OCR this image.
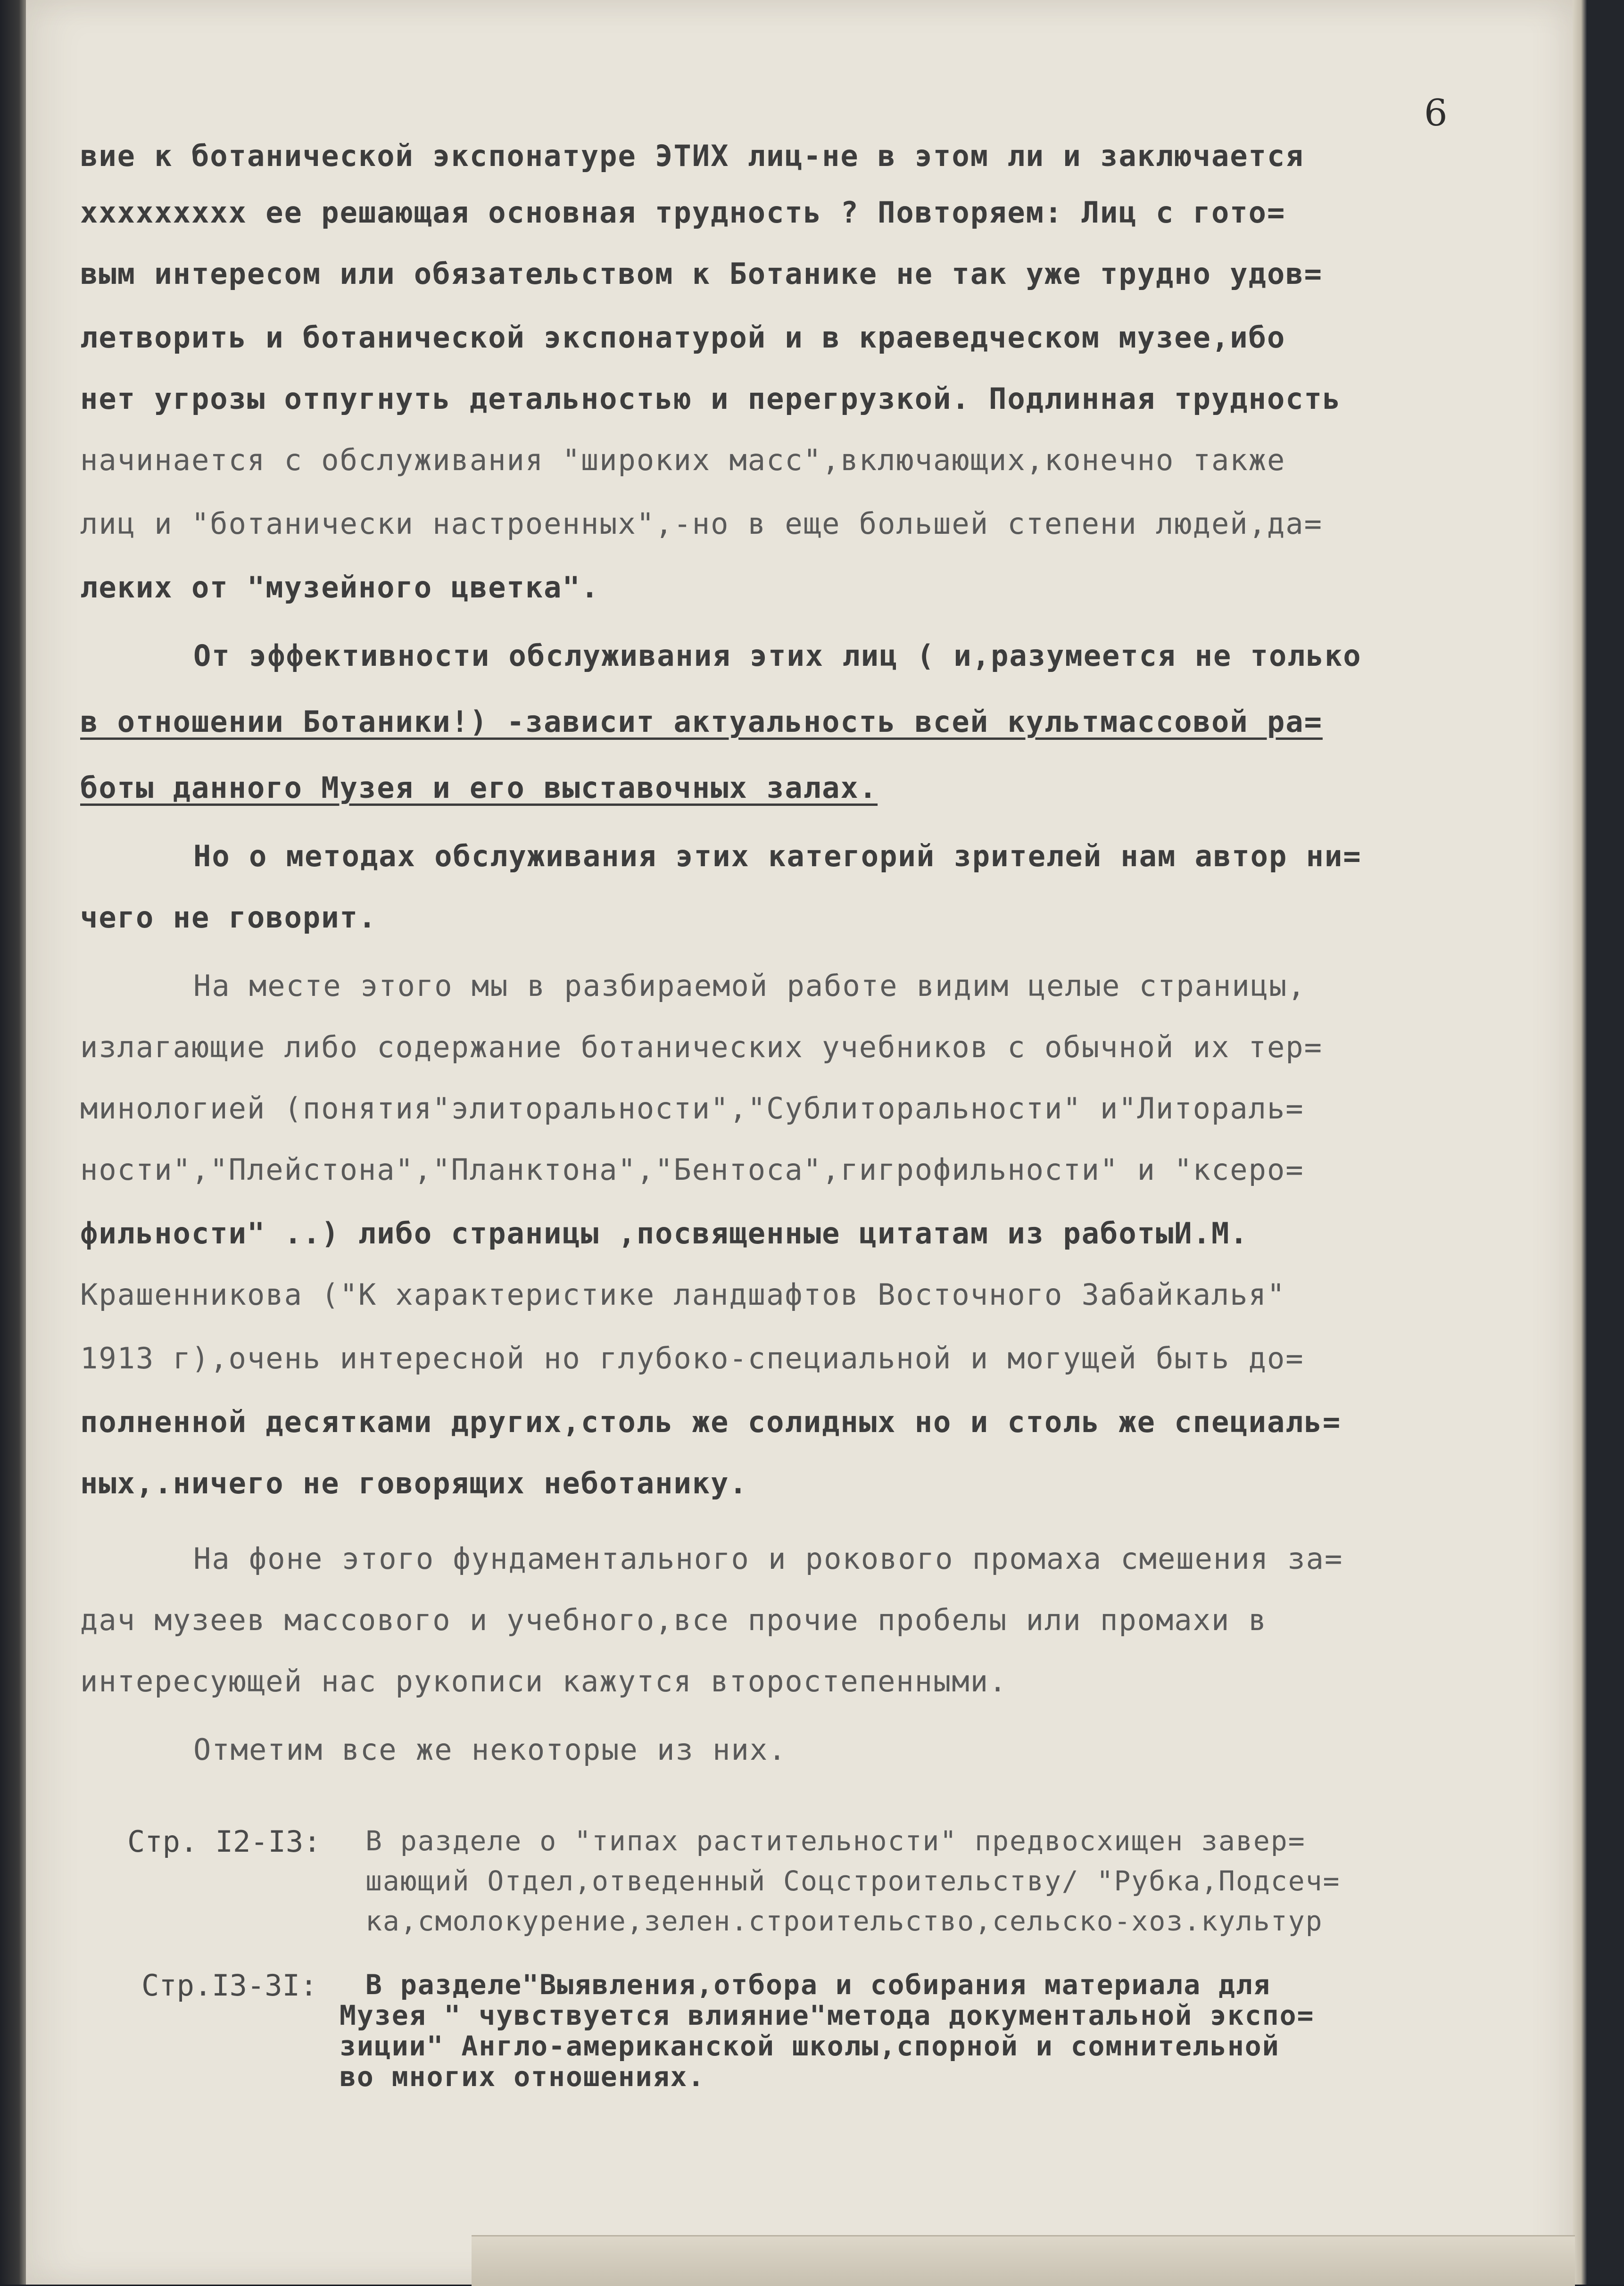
6
вие к ботанической экспонатуре ЭТИХ лиц-не в этом ли и заключается
ххххххххх ее решающая основная трудность ? Повторяем: Лиц с гото=
вым интересом или обязательством к Ботанике не так уже трудно удов=
летворить и ботанической экспонатурой и в краеведческом музее,ибо
нет угрозы отпугнуть детальностью и перегрузкой. Подлинная трудность
начинается с обслуживания "широких масс",включающих,конечно также
лиц и "ботанически настроенных",-но в еще большей степени людей,да=
леких от "музейного цветка".
От эффективности обслуживания этих лиц ( и,разумеется не только
в отношении Ботаники!) -зависит актуальность всей культмассовой ра=
боты данного Музея и его выставочных залах.
Но о методах обслуживания этих категорий зрителей нам автор ни=
чего не говорит.
На месте этого мы в разбираемой работе видим целые страницы,
излагающие либо содержание ботанических учебников с обычной их тер=
минологией (понятия"элиторальности","Сублиторальности" и"Литораль=
ности","Плейстона","Планктона","Бентоса",гигрофильности" и "ксеро=
фильности" ..) либо страницы ,посвященные цитатам из работыИ.М.
Крашенникова ("К характеристике ландшафтов Восточного Забайкалья"
1913 г),очень интересной но глубоко-специальной и могущей быть до=
полненной десятками других,столь же солидных но и столь же специаль=
ных,.ничего не говорящих неботанику.
На фоне этого фундаментального и рокового промаха смешения за=
дач музеев массового и учебного,все прочие пробелы или промахи в
интересующей нас рукописи кажутся второстепенными.
Отметим все же некоторые из них.
Стр. I2-I3: В разделе о "типах растительности" предвосхищен завер=
шающий Отдел,отведенный Соцстроительству/ "Рубка,Подсеч=
ка,смолокурение,зелен.строительство,сельско-хоз.культур
Стр.I3-3I: В разделе"Выявления,отбора и собирания материала для
Музея " чувствуется влияние"метода документальной экспо=
зиции" Англо-американской школы,спорной и сомнительной
во многих отношениях.
